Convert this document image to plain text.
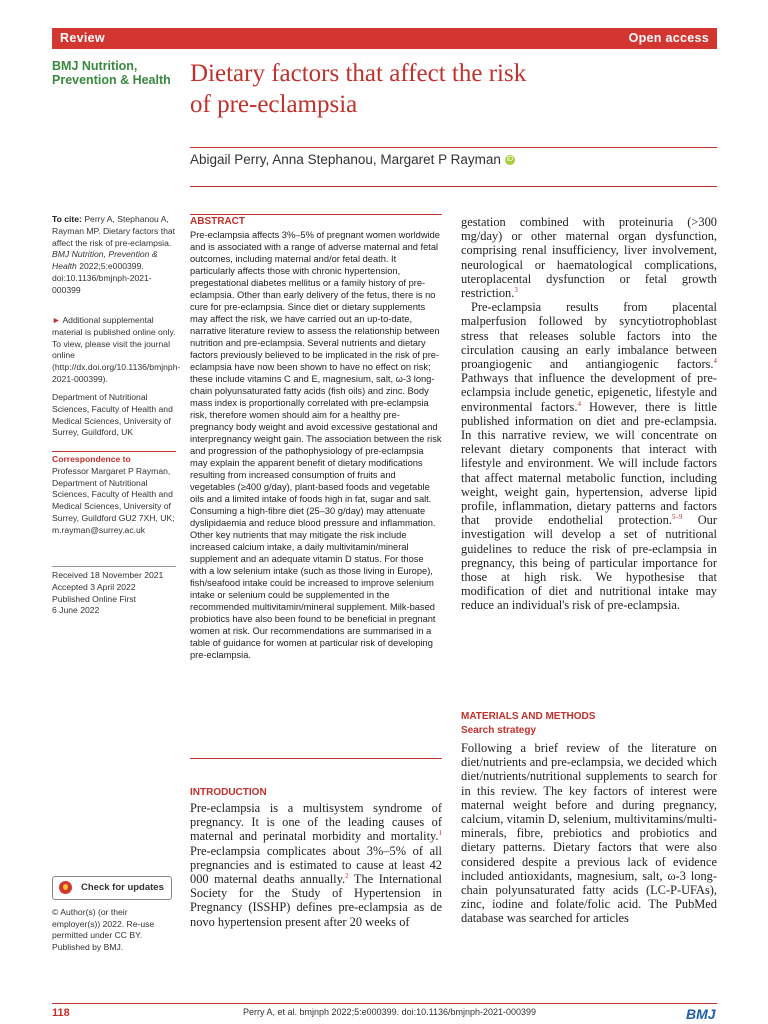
Review	Open access
BMJ Nutrition,
Prevention & Health Dietary factors that affect the risk
of pre-eclampsia
Abigail Perry, Anna Stephanou, Margaret P Rayman iD
To cite: Perry A, Stephanou A, Rayman MP. Dietary factors that affect the risk of pre-eclampsia. BMJ Nutrition, Prevention & Health 2022;5:e000399. doi:10.1136/bmjnph-2021-000399
► Additional supplemental material is published online only. To view, please visit the journal online (http://dx.doi.org/10.1136/bmjnph-2021-000399).
Department of Nutritional Sciences, Faculty of Health and Medical Sciences, University of Surrey, Guildford, UK
Correspondence to
Professor Margaret P Rayman, Department of Nutritional Sciences, Faculty of Health and Medical Sciences, University of Surrey, Guildford GU2 7XH, UK; m.rayman@surrey.ac.uk
Received 18 November 2021
Accepted 3 April 2022
Published Online First
6 June 2022
Check for updates
© Author(s) (or their employer(s)) 2022. Re-use permitted under CC BY. Published by BMJ.
ABSTRACT
Pre-eclampsia affects 3%–5% of pregnant women worldwide and is associated with a range of adverse maternal and fetal outcomes, including maternal and/or fetal death. It particularly affects those with chronic hypertension, pregestational diabetes mellitus or a family history of pre-eclampsia. Other than early delivery of the fetus, there is no cure for pre-eclampsia. Since diet or dietary supplements may affect the risk, we have carried out an up-to-date, narrative literature review to assess the relationship between nutrition and pre-eclampsia. Several nutrients and dietary factors previously believed to be implicated in the risk of pre-eclampsia have now been shown to have no effect on risk; these include vitamins C and E, magnesium, salt, ω-3 long-chain polyunsaturated fatty acids (fish oils) and zinc. Body mass index is proportionally correlated with pre-eclampsia risk, therefore women should aim for a healthy pre-pregnancy body weight and avoid excessive gestational and interpregnancy weight gain. The association between the risk and progression of the pathophysiology of pre-eclampsia may explain the apparent benefit of dietary modifications resulting from increased consumption of fruits and vegetables (≥400 g/day), plant-based foods and vegetable oils and a limited intake of foods high in fat, sugar and salt. Consuming a high-fibre diet (25–30 g/day) may attenuate dyslipidaemia and reduce blood pressure and inflammation. Other key nutrients that may mitigate the risk include increased calcium intake, a daily multivitamin/mineral supplement and an adequate vitamin D status. For those with a low selenium intake (such as those living in Europe), fish/seafood intake could be increased to improve selenium intake or selenium could be supplemented in the recommended multivitamin/mineral supplement. Milk-based probiotics have also been found to be beneficial in pregnant women at risk. Our recommendations are summarised in a table of guidance for women at particular risk of developing pre-eclampsia.
INTRODUCTION
Pre-eclampsia is a multisystem syndrome of pregnancy. It is one of the leading causes of maternal and perinatal morbidity and mortality.$^1$ Pre-eclampsia complicates about 3%–5% of all pregnancies and is estimated to cause at least 42 000 maternal deaths annually.$^2$ The International Society for the Study of Hypertension in Pregnancy (ISSHP) defines pre-eclampsia as de novo hypertension present after 20 weeks of

gestation combined with proteinuria (>300 mg/day) or other maternal organ dysfunction, comprising renal insufficiency, liver involvement, neurological or haematological complications, uteroplacental dysfunction or fetal growth restriction.$^3$

Pre-eclampsia results from placental malperfusion followed by syncytiotrophoblast stress that releases soluble factors into the circulation causing an early imbalance between proangiogenic and antiangiogenic factors.$^4$ Pathways that influence the development of pre-eclampsia include genetic, epigenetic, lifestyle and environmental factors.$^4$ However, there is little published information on diet and pre-eclampsia. In this narrative review, we will concentrate on relevant dietary components that interact with lifestyle and environment. We will include factors that affect maternal metabolic function, including weight, weight gain, hypertension, adverse lipid profile, inflammation, dietary patterns and factors that provide endothelial protection.$^{5-9}$ Our investigation will develop a set of nutritional guidelines to reduce the risk of pre-eclampsia in pregnancy, this being of particular importance for those at high risk. We hypothesise that modification of diet and nutritional intake may reduce an individual's risk of pre-eclampsia.

MATERIALS AND METHODS
Search strategy
Following a brief review of the literature on diet/nutrients and pre-eclampsia, we decided which diet/nutrients/nutritional supplements to search for in this review. The key factors of interest were maternal weight before and during pregnancy, calcium, vitamin D, selenium, multivitamins/multi-minerals, fibre, prebiotics and probiotics and dietary patterns. Dietary factors that were also considered despite a previous lack of evidence included antioxidants, magnesium, salt, ω-3 long-chain polyunsaturated fatty acids (LC-P-UFAs), zinc, iodine and folate/folic acid. The PubMed database was searched for articles
118	Perry A, et al. bmjnph 2022;5:e000399. doi:10.1136/bmjnph-2021-000399	BMJ
